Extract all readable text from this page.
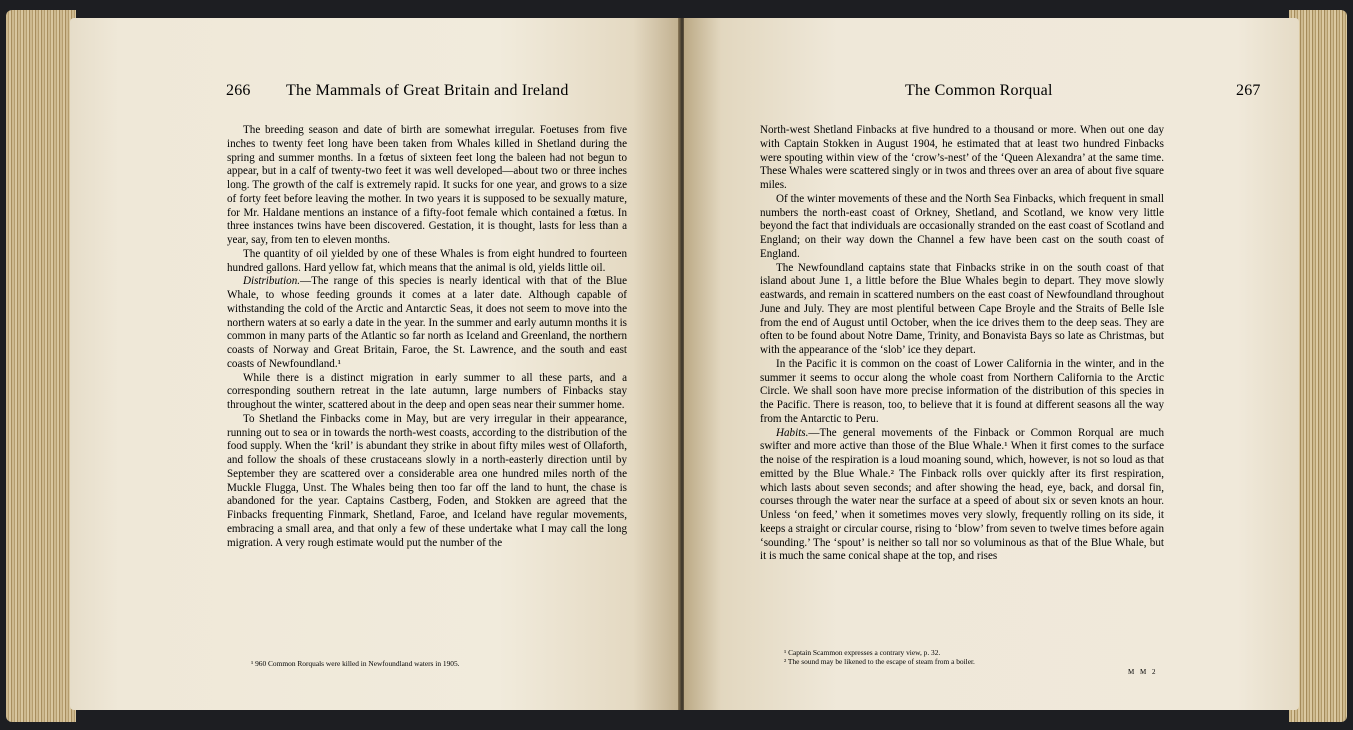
266 The Mammals of Great Britain and Ireland

The breeding season and date of birth are somewhat irregular. Foetuses from five inches to twenty feet long have been taken from Whales killed in Shetland during the spring and summer months. In a fœtus of sixteen feet long the baleen had not begun to appear, but in a calf of twenty-two feet it was well developed—about two or three inches long. The growth of the calf is extremely rapid. It sucks for one year, and grows to a size of forty feet before leaving the mother. In two years it is supposed to be sexually mature, for Mr. Haldane mentions an instance of a fifty-foot female which contained a fœtus. In three instances twins have been discovered. Gestation, it is thought, lasts for less than a year, say, from ten to eleven months.

The quantity of oil yielded by one of these Whales is from eight hundred to fourteen hundred gallons. Hard yellow fat, which means that the animal is old, yields little oil.

Distribution.—The range of this species is nearly identical with that of the Blue Whale, to whose feeding grounds it comes at a later date. Although capable of withstanding the cold of the Arctic and Antarctic Seas, it does not seem to move into the northern waters at so early a date in the year. In the summer and early autumn months it is common in many parts of the Atlantic so far north as Iceland and Greenland, the northern coasts of Norway and Great Britain, Faroe, the St. Lawrence, and the south and east coasts of Newfoundland.¹

While there is a distinct migration in early summer to all these parts, and a corresponding southern retreat in the late autumn, large numbers of Finbacks stay throughout the winter, scattered about in the deep and open seas near their summer home.

To Shetland the Finbacks come in May, but are very irregular in their appearance, running out to sea or in towards the north-west coasts, according to the distribution of the food supply. When the ‘kril’ is abundant they strike in about fifty miles west of Ollaforth, and follow the shoals of these crustaceans slowly in a north-easterly direction until by September they are scattered over a considerable area one hundred miles north of the Muckle Flugga, Unst. The Whales being then too far off the land to hunt, the chase is abandoned for the year. Captains Castberg, Foden, and Stokken are agreed that the Finbacks frequenting Finmark, Shetland, Faroe, and Iceland have regular movements, embracing a small area, and that only a few of these undertake what I may call the long migration. A very rough estimate would put the number of the

¹ 960 Common Rorquals were killed in Newfoundland waters in 1905.
The Common Rorqual	267

North-west Shetland Finbacks at five hundred to a thousand or more. When out one day with Captain Stokken in August 1904, he estimated that at least two hundred Finbacks were spouting within view of the ‘crow’s-nest’ of the ‘Queen Alexandra’ at the same time. These Whales were scattered singly or in twos and threes over an area of about five square miles.

Of the winter movements of these and the North Sea Finbacks, which frequent in small numbers the north-east coast of Orkney, Shetland, and Scotland, we know very little beyond the fact that individuals are occasionally stranded on the east coast of Scotland and England; on their way down the Channel a few have been cast on the south coast of England.

The Newfoundland captains state that Finbacks strike in on the south coast of that island about June 1, a little before the Blue Whales begin to depart. They move slowly eastwards, and remain in scattered numbers on the east coast of Newfoundland throughout June and July. They are most plentiful between Cape Broyle and the Straits of Belle Isle from the end of August until October, when the ice drives them to the deep seas. They are often to be found about Notre Dame, Trinity, and Bonavista Bays so late as Christmas, but with the appearance of the ‘slob’ ice they depart.

In the Pacific it is common on the coast of Lower California in the winter, and in the summer it seems to occur along the whole coast from Northern California to the Arctic Circle. We shall soon have more precise information of the distribution of this species in the Pacific. There is reason, too, to believe that it is found at different seasons all the way from the Antarctic to Peru.

Habits.—The general movements of the Finback or Common Rorqual are much swifter and more active than those of the Blue Whale.¹ When it first comes to the surface the noise of the respiration is a loud moaning sound, which, however, is not so loud as that emitted by the Blue Whale.² The Finback rolls over quickly after its first respiration, which lasts about seven seconds; and after showing the head, eye, back, and dorsal fin, courses through the water near the surface at a speed of about six or seven knots an hour. Unless ‘on feed,’ when it sometimes moves very slowly, frequently rolling on its side, it keeps a straight or circular course, rising to ‘blow’ from seven to twelve times before again ‘sounding.’ The ‘spout’ is neither so tall nor so voluminous as that of the Blue Whale, but it is much the same conical shape at the top, and rises

¹ Captain Scammon expresses a contrary view, p. 32.
² The sound may be likened to the escape of steam from a boiler.
M M 2
